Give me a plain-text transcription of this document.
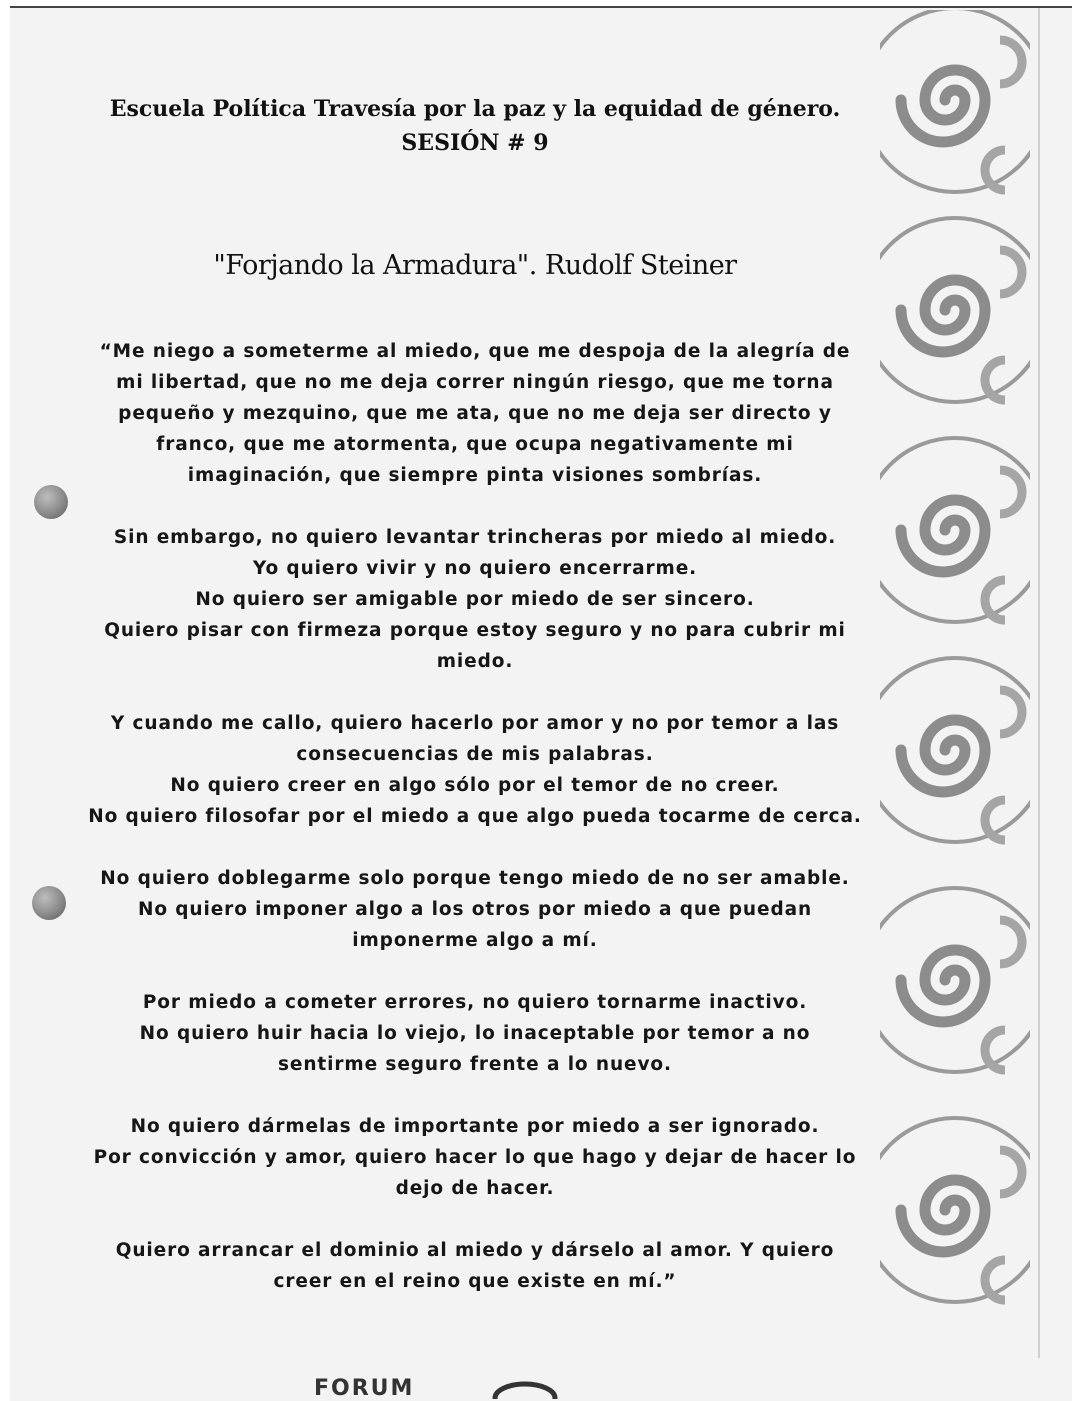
Escuela Política Travesía por la paz y la equidad de género.
SESIÓN # 9
"Forjando la Armadura". Rudolf Steiner
“Me niego a someterme al miedo, que me despoja de la alegría de
mi libertad, que no me deja correr ningún riesgo, que me torna
pequeño y mezquino, que me ata, que no me deja ser directo y
franco, que me atormenta, que ocupa negativamente mi
imaginación, que siempre pinta visiones sombrías.
Sin embargo, no quiero levantar trincheras por miedo al miedo.
Yo quiero vivir y no quiero encerrarme.
No quiero ser amigable por miedo de ser sincero.
Quiero pisar con firmeza porque estoy seguro y no para cubrir mi
miedo.
Y cuando me callo, quiero hacerlo por amor y no por temor a las
consecuencias de mis palabras.
No quiero creer en algo sólo por el temor de no creer.
No quiero filosofar por el miedo a que algo pueda tocarme de cerca.
No quiero doblegarme solo porque tengo miedo de no ser amable.
No quiero imponer algo a los otros por miedo a que puedan
imponerme algo a mí.
Por miedo a cometer errores, no quiero tornarme inactivo.
No quiero huir hacia lo viejo, lo inaceptable por temor a no
sentirme seguro frente a lo nuevo.
No quiero dármelas de importante por miedo a ser ignorado.
Por convicción y amor, quiero hacer lo que hago y dejar de hacer lo
dejo de hacer.
Quiero arrancar el dominio al miedo y dárselo al amor. Y quiero
creer en el reino que existe en mí.”
FORUM
